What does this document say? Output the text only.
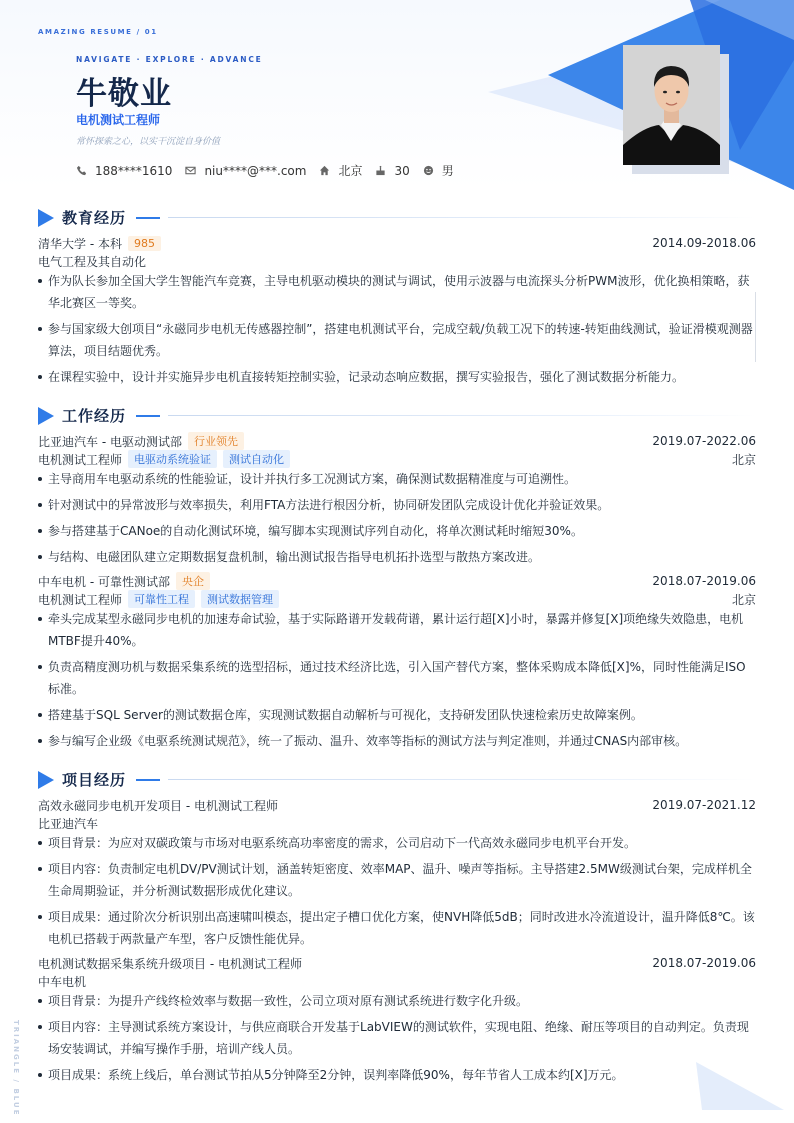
AMAZING RESUME / 01
NAVIGATE · EXPLORE · ADVANCE
牛敬业
电机测试工程师
常怀探索之心，以实干沉淀自身价值
188****1610	niu****@***.com	北京	30	男
教育经历
清华大学 - 本科	985	2014.09-2018.06
电气工程及其自动化
作为队长参加全国大学生智能汽车竞赛，主导电机驱动模块的测试与调试，使用示波器与电流探头分析PWM波形，优化换相策略，获华北赛区一等奖。
参与国家级大创项目“永磁同步电机无传感器控制”，搭建电机测试平台，完成空载/负载工况下的转速-转矩曲线测试，验证滑模观测器算法，项目结题优秀。
在课程实验中，设计并实施异步电机直接转矩控制实验，记录动态响应数据，撰写实验报告，强化了测试数据分析能力。
工作经历
比亚迪汽车 - 电驱动测试部	行业领先	2019.07-2022.06
电机测试工程师	电驱动系统验证	测试自动化	北京
主导商用车电驱动系统的性能验证，设计并执行多工况测试方案，确保测试数据精准度与可追溯性。
针对测试中的异常波形与效率损失，利用FTA方法进行根因分析，协同研发团队完成设计优化并验证效果。
参与搭建基于CANoe的自动化测试环境，编写脚本实现测试序列自动化，将单次测试耗时缩短30%。
与结构、电磁团队建立定期数据复盘机制，输出测试报告指导电机拓扑选型与散热方案改进。
中车电机 - 可靠性测试部	央企	2018.07-2019.06
电机测试工程师	可靠性工程	测试数据管理	北京
牵头完成某型永磁同步电机的加速寿命试验，基于实际路谱开发载荷谱，累计运行超[X]小时，暴露并修复[X]项绝缘失效隐患，电机MTBF提升40%。
负责高精度测功机与数据采集系统的选型招标，通过技术经济比选，引入国产替代方案，整体采购成本降低[X]%，同时性能满足ISO标准。
搭建基于SQL Server的测试数据仓库，实现测试数据自动解析与可视化，支持研发团队快速检索历史故障案例。
参与编写企业级《电驱系统测试规范》，统一了振动、温升、效率等指标的测试方法与判定准则，并通过CNAS内部审核。
项目经历
高效永磁同步电机开发项目 - 电机测试工程师	2019.07-2021.12
比亚迪汽车
项目背景：为应对双碳政策与市场对电驱系统高功率密度的需求，公司启动下一代高效永磁同步电机平台开发。
项目内容：负责制定电机DV/PV测试计划，涵盖转矩密度、效率MAP、温升、噪声等指标。主导搭建2.5MW级测试台架，完成样机全生命周期验证，并分析测试数据形成优化建议。
项目成果：通过阶次分析识别出高速啸叫模态，提出定子槽口优化方案，使NVH降低5dB；同时改进水冷流道设计，温升降低8℃。该电机已搭载于两款量产车型，客户反馈性能优异。
电机测试数据采集系统升级项目 - 电机测试工程师	2018.07-2019.06
中车电机
项目背景：为提升产线终检效率与数据一致性，公司立项对原有测试系统进行数字化升级。
项目内容：主导测试系统方案设计，与供应商联合开发基于LabVIEW的测试软件，实现电阻、绝缘、耐压等项目的自动判定。负责现场安装调试，并编写操作手册，培训产线人员。
项目成果：系统上线后，单台测试节拍从5分钟降至2分钟，误判率降低90%，每年节省人工成本约[X]万元。
TRIANGLE / BLUE
